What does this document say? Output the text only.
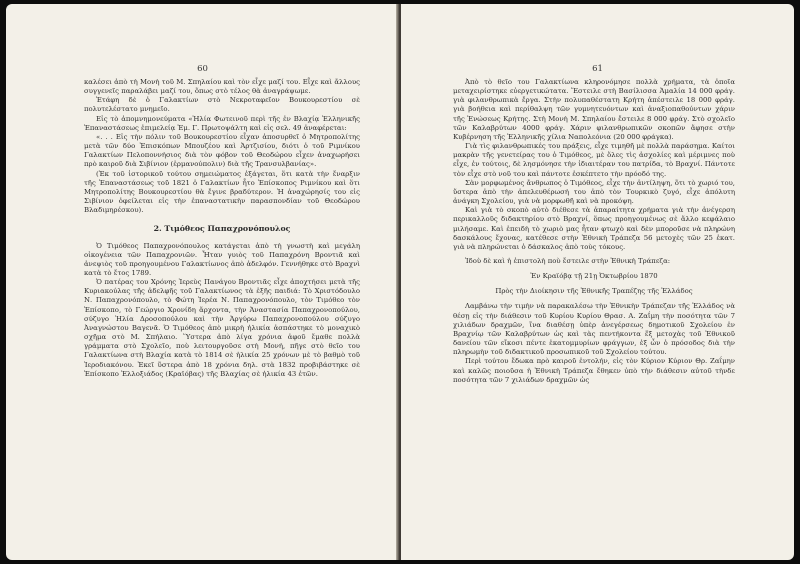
60

καλέσει ἀπὸ τὴ Μονὴ τοῦ Μ. Σπηλαίου καὶ τὸν εἶχε μαζί του. Εἶχε καὶ ἄλλους συγγενεῖς παραλάβει μαζί του, ὅπως στὸ τέλος θὰ ἀναγράψωμε.

Ἐτάφη δὲ ὁ Γαλακτίων στὸ Νεκροταφεῖον Βουκουρεστίου σὲ πολυτελέστατο μνημεῖο.

Εἰς τὸ ἀπομνημονεύματα «Ἠλία Φωτεινοῦ περὶ τῆς ἐν Βλαχίᾳ Ἑλληνικῆς Ἐπαναστάσεως ἐπιμελείᾳ Ἐμ. Γ. Πρωτοψάλτη καὶ εἰς σελ. 49 ἀναφέρεται:

«. . . Εἰς τὴν πόλιν τοῦ Βουκουρεστίου εἶχαν ἀποσυρθεῖ ὁ Μητροπολίτης μετὰ τῶν δύο Ἐπισκόπων Μπουζέου καὶ Ἀρτζισίου, διότι ὁ τοῦ Ριμνίκου Γαλακτίων Πελοποννήσιος διὰ τὸν φόβον τοῦ Θεοδώρου εἶχεν ἀναχωρήσει πρὸ καιροῦ διὰ Σιβίνιον (ἑρμανούπολιν) διὰ τῆς Τρανσυλβανίας».

(Ἐκ τοῦ ἱστορικοῦ τούτου σημειώματος ἐξάγεται, ὅτι κατὰ τὴν ἔναρξιν τῆς Ἐπαναστάσεως τοῦ 1821 ὁ Γαλακτίων ἦτο Ἐπίσκοπος Ριμνίκου καὶ ὅτι Μητροπολίτης Βουκουρεστίου θὰ ἔγινε βραδύτερον. Ἡ ἀναχώρησίς του εἰς Σιβίνιον ὀφείλεται εἰς τὴν ἐπαναστατικὴν παρασπονδίαν τοῦ Θεοδώρου Βλαδιμηρέσκου).

2. Τιμόθεος Παπαχρονόπουλος

Ὁ Τιμόθεος Παπαχρονόπουλος κατάγεται ἀπὸ τὴ γνωστὴ καὶ μεγάλη οἰκογένεια τῶν Παπαχρονιῶν. Ἦταν γυιὸς τοῦ Παπαχρόνη Βροντιᾶ καὶ ἀνεψιὸς τοῦ προηγουμένου Γαλακτίωνος ἀπὸ ἀδελφόν. Γεννήθηκε στὸ Βραχνὶ κατὰ τὸ ἔτος 1789.

Ὁ πατέρας του Χρόνης Ἱερεὺς Πανάγου Βροντιᾶς εἶχε ἀποχτήσει μετὰ τῆς Κυριακούλας τῆς ἀδελφῆς τοῦ Γαλακτίωνος τὰ ἑξῆς παιδιά: Τὸ Χριστόδουλο Ν. Παπαχρονόπουλο, τὸ Φώτη Ἱερέα Ν. Παπαχρονόπουλο, τὸν Τιμόθεο τὸν Ἐπίσκοπο, τὸ Γεώργιο Χρονίδη ἄρχοντα, τὴν Ἀναστασία Παπαχρονοπούλου, σύζυγο Ἠλία Δροσοπούλου καὶ τὴν Ἀργύρω Παπαχρονοπούλου σύζυγο Ἀναγνώστου Βαγενᾶ. Ὁ Τιμόθεος ἀπὸ μικρὴ ἡλικία ἀσπάστηκε τὸ μοναχικὸ σχῆμα στὸ Μ. Σπήλαιο. Ὕστερα ἀπὸ λίγα χρόνια ἀφοῦ ἔμαθε πολλὰ γράμματα στὸ Σχολεῖο, ποὺ λειτουργοῦσε στὴ Μονή, πῆγε στὸ θεῖο του Γαλακτίωνα στὴ Βλαχία κατὰ τὸ 1814 σὲ ἡλικία 25 χρόνων μὲ τὸ βαθμὸ τοῦ Ἱεροδιακόνου. Ἐκεῖ ὕστερα ἀπὸ 18 χρόνια δηλ. στὰ 1832 προβιβάστηκε σὲ Ἐπίσκοπο Ἐλλοξιάδος (Κραϊόβας) τῆς Βλαχίας σὲ ἡλικία 43 ἐτῶν.

61

Ἀπὸ τὸ θεῖο του Γαλακτίωνα κληρονόμησε πολλὰ χρήματα, τὰ ὁποῖα μεταχειρίστηκε εὐεργετικώτατα. Ἔστειλε στὴ Βασίλισσα Ἀμαλία 14 000 φράγ. γιὰ φιλανθρωπικὰ ἔργα. Στὴν πολυπαθέστατη Κρήτη ἀπέστειλε 18 000 φράγ. γιὰ βοήθεια καὶ περίθαλψη τῶν γυμνητευόντων καὶ ἀναξιοπαθούντων χάριν τῆς Ἑνώσεως Κρήτης. Στὴ Μονὴ Μ. Σπηλαίου ἔστειλε 8 000 φράγ. Στὸ σχολεῖο τῶν Καλαβρύτων 4000 φράγ. Χάριν φιλανθρωπικῶν σκοπῶν ἄφησε στὴν Κυβέρνηση τῆς Ἑλληνικῆς χίλια Ναπολεόνια (20 000 φράγκα).

Γιὰ τὶς φιλανθρωπικές του πράξεις, εἶχε τιμηθῆ μὲ πολλὰ παράσημα. Καίτοι μακρὰν τῆς γενετείρας του ὁ Τιμόθεος, μὲ ὅλες τὶς ἀσχολίες καὶ μέριμνες ποὺ εἶχε, ἐν τούτοις, δὲ λησμόνησε τὴν ἰδιαιτέραν του πατρίδα, τὸ Βραχνί. Πάντοτε τὸν εἶχε στὸ νοῦ του καὶ πάντοτε ἐσκέπτετο τὴν πρόοδό της.

Σὰν μορφωμένος ἄνθρωπος ὁ Τιμόθεος, εἶχε τὴν ἀντίληψη, ὅτι τὸ χωριό του, ὕστερα ἀπὸ τὴν ἀπελευθέρωσή του ἀπὸ τὸν Τουρκικὸ ζυγό, εἶχε ἀπόλυτη ἀνάγκη Σχολείου, γιὰ νὰ μορφωθῆ καὶ νὰ προκόψη.

Καὶ γιὰ τὸ σκοπὸ αὐτὸ διέθεσε τὰ ἀπαραίτητα χρήματα γιὰ τὴν ἀνέγερση περικαλλοῦς διδακτηρίου στὸ Βραχνί, ὅπως προηγουμένως σὲ ἄλλο κεφάλαιο μιλήσαμε. Καὶ ἐπειδὴ τὸ χωριὸ μας ἦταν φτωχὸ καὶ δὲν μποροῦσε νὰ πληρώνη δασκάλους ἔχονας, κατέθεσε στὴν Ἐθνικὴ Τράπεζα 56 μετοχὲς τῶν 25 ἑκατ. γιὰ νὰ πληρώνεται ὁ δάσκαλος ἀπὸ τοὺς τόκους.

Ἰδοὺ δὲ καὶ ἡ ἐπιστολὴ ποὺ ἔστειλε στὴν Ἐθνικὴ Τράπεζα:

Ἐν Κραϊόβᾳ τῇ 21ῃ Ὀκτωβρίου 1870
Πρὸς τὴν Διοίκησιν τῆς Ἐθνικῆς Τραπέζης τῆς Ἑλλάδος

Λαμβάνω τὴν τιμὴν νὰ παρακαλέσω τὴν Ἐθνικὴν Τράπεζαν τῆς Ἑλλάδος νὰ θέσῃ εἰς τὴν διάθεσιν τοῦ Κυρίου Κυρίου Θρασ. Α. Ζαΐμη τὴν ποσότητα τῶν 7 χιλιάδων δραχμῶν, ἵνα διαθέσῃ ὑπὲρ ἀνεγέρσεως δημοτικοῦ Σχολείου ἐν Βραχνίῳ τῶν Καλαβρύτων ὡς καὶ τὰς πεντήκοντα ἕξ μετοχὰς τοῦ Ἐθνικοῦ δανείου τῶν εἴκοσι πέντε ἑκατομμυρίων φράγγων, ἐξ ὧν ὁ πρόσοδος διὰ τὴν πληρωμὴν τοῦ διδακτικοῦ προσωπικοῦ τοῦ Σχολείου τούτου.

Περὶ τούτου ἔδωκα πρὸ καιροῦ ἐντολήν, εἰς τὸν Κύριον Κύριον Θρ. Ζαΐμην καὶ καλῶς ποιοῦσα ἡ Ἐθνικὴ Τράπεζα ἔθηκεν ὑπὸ τὴν διάθεσιν αὐτοῦ τὴνδε ποσότητα τῶν 7 χιλιάδων δραχμῶν ὡς
